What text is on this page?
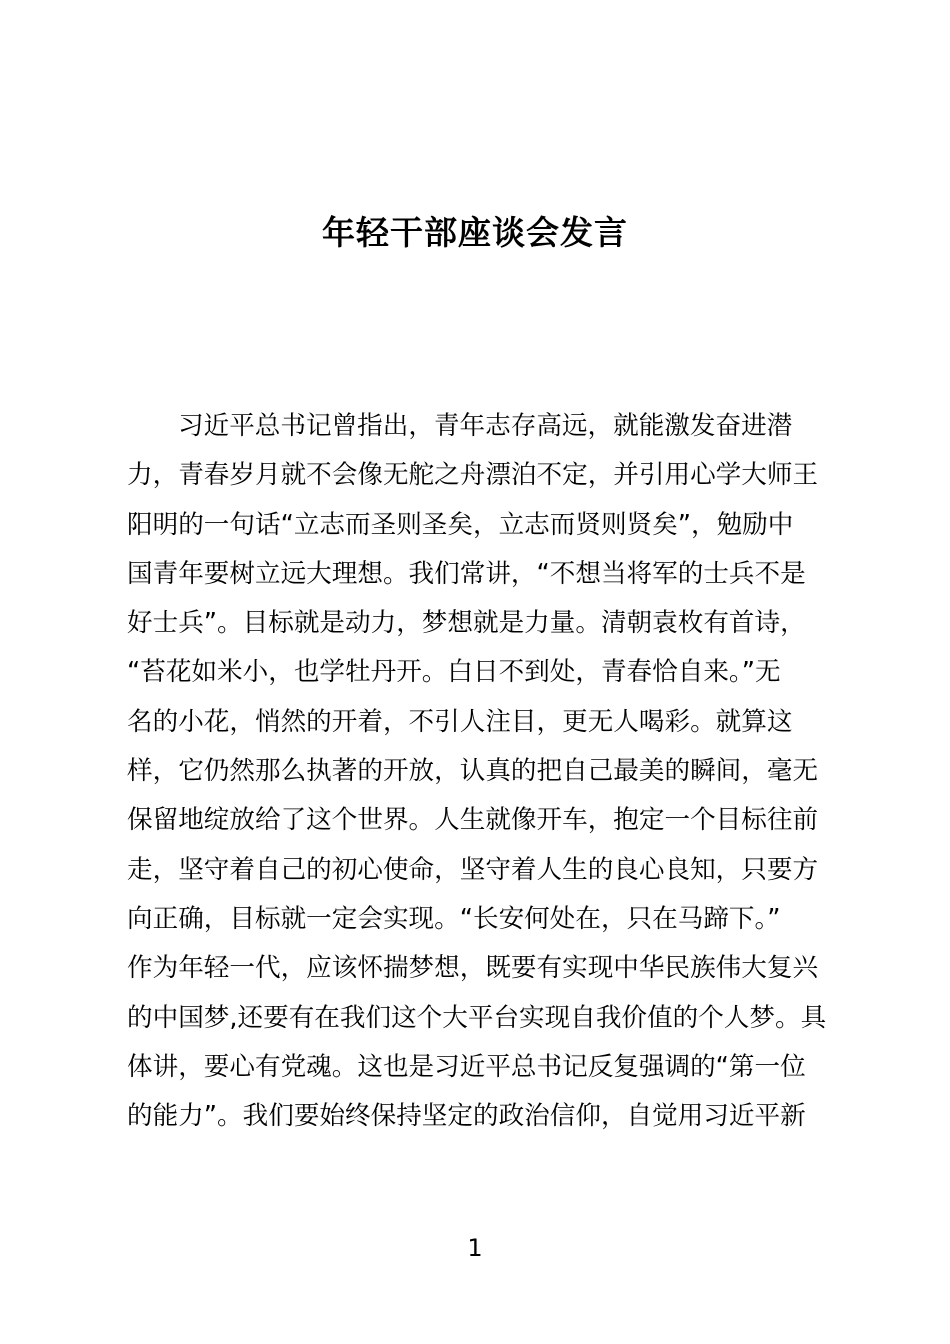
年轻干部座谈会发言
习近平总书记曾指出，青年志存高远，就能激发奋进潜
力，青春岁月就不会像无舵之舟漂泊不定，并引用心学大师王
阳明的一句话“立志而圣则圣矣，立志而贤则贤矣”，勉励中
国青年要树立远大理想。我们常讲，“不想当将军的士兵不是
好士兵”。目标就是动力，梦想就是力量。清朝袁枚有首诗，
“苔花如米小，也学牡丹开。白日不到处，青春恰自来。”无
名的小花，悄然的开着，不引人注目，更无人喝彩。就算这
样，它仍然那么执著的开放，认真的把自己最美的瞬间，毫无
保留地绽放给了这个世界。人生就像开车，抱定一个目标往前
走，坚守着自己的初心使命，坚守着人生的良心良知，只要方
向正确，目标就一定会实现。“长安何处在，只在马蹄下。”
作为年轻一代，应该怀揣梦想，既要有实现中华民族伟大复兴
的中国梦,还要有在我们这个大平台实现自我价值的个人梦。具
体讲，要心有党魂。这也是习近平总书记反复强调的“第一位
的能力”。我们要始终保持坚定的政治信仰，自觉用习近平新
1
